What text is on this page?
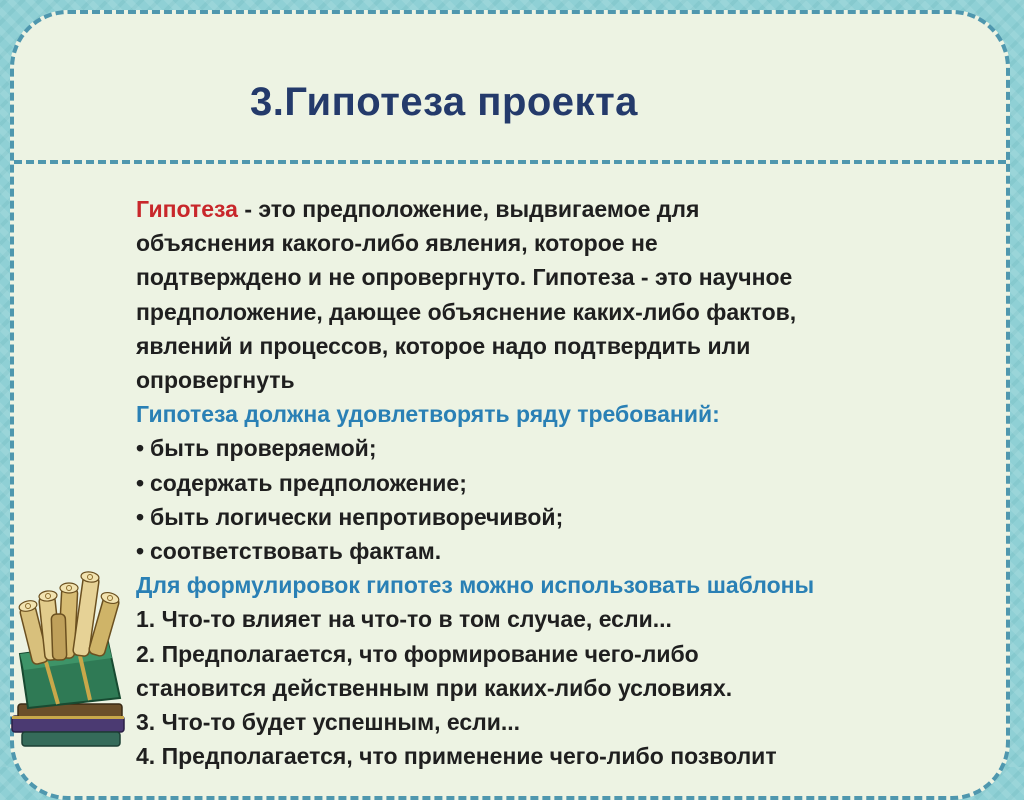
3.Гипотеза проекта

Гипотеза - это предположение, выдвигаемое для

объяснения какого-либо явления, которое не

подтверждено и не опровергнуто. Гипотеза - это научное

предположение, дающее объяснение каких-либо фактов,

явлений и процессов, которое надо подтвердить или

опровергнуть

Гипотеза должна удовлетворять ряду требований:

• быть проверяемой;

• содержать предположение;

• быть логически непротиворечивой;

• соответствовать фактам.

Для формулировок гипотез можно использовать шаблоны

1. Что-то влияет на что-то в том случае, если...

2. Предполагается, что формирование чего-либо

становится действенным при каких-либо условиях.

3. Что-то будет успешным, если...

4. Предполагается, что применение чего-либо позволит
